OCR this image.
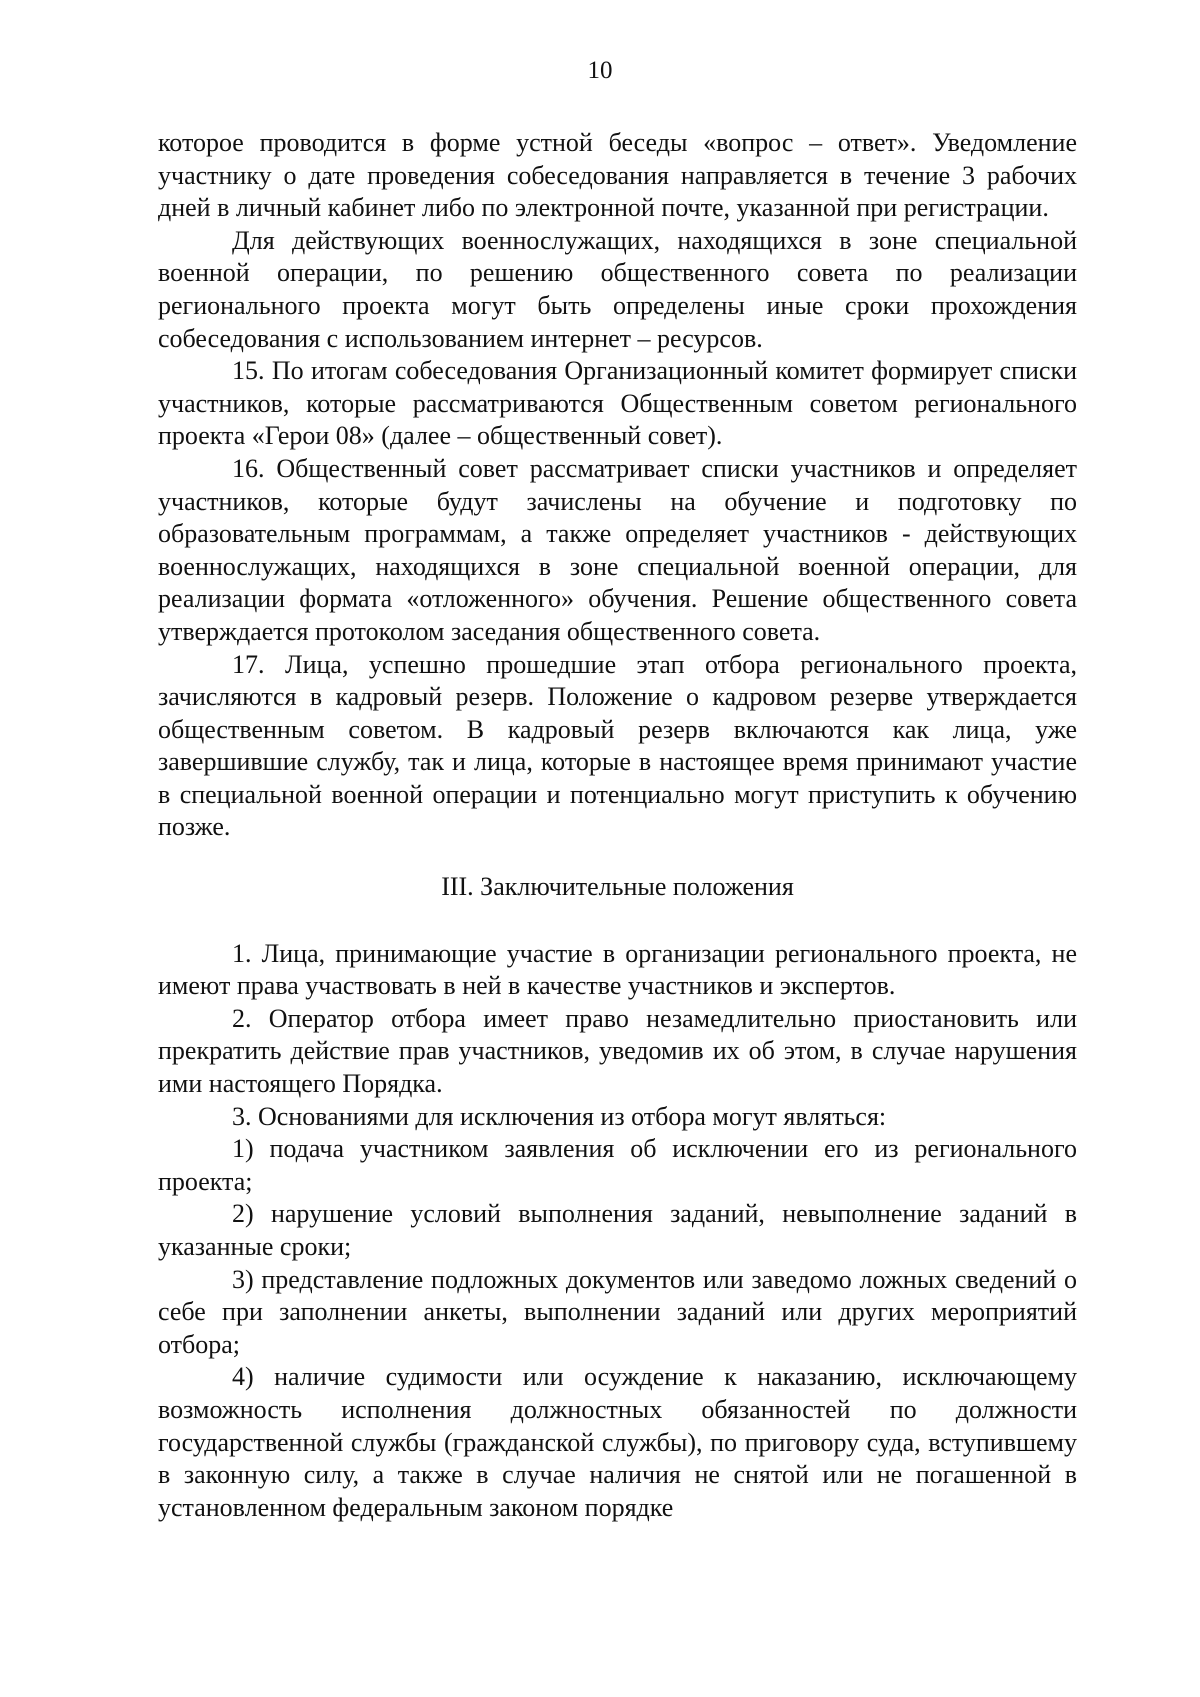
10

которое проводится в форме устной беседы «вопрос – ответ». Уведомление участнику о дате проведения собеседования направляется в течение 3 рабочих дней в личный кабинет либо по электронной почте, указанной при регистрации.

Для действующих военнослужащих, находящихся в зоне специальной военной операции, по решению общественного совета по реализации регионального проекта могут быть определены иные сроки прохождения собеседования с использованием интернет – ресурсов.

15. По итогам собеседования Организационный комитет формирует списки участников, которые рассматриваются Общественным советом регионального проекта «Герои 08» (далее – общественный совет).

16. Общественный совет рассматривает списки участников и определяет участников, которые будут зачислены на обучение и подготовку по образовательным программам, а также определяет участников - действующих военнослужащих, находящихся в зоне специальной военной операции, для реализации формата «отложенного» обучения. Решение общественного совета утверждается протоколом заседания общественного совета.

17. Лица, успешно прошедшие этап отбора регионального проекта, зачисляются в кадровый резерв. Положение о кадровом резерве утверждается общественным советом. В кадровый резерв включаются как лица, уже завершившие службу, так и лица, которые в настоящее время принимают участие в специальной военной операции и потенциально могут приступить к обучению позже.

III. Заключительные положения

1. Лица, принимающие участие в организации регионального проекта, не имеют права участвовать в ней в качестве участников и экспертов.

2. Оператор отбора имеет право незамедлительно приостановить или прекратить действие прав участников, уведомив их об этом, в случае нарушения ими настоящего Порядка.

3. Основаниями для исключения из отбора могут являться:

1) подача участником заявления об исключении его из регионального проекта;

2) нарушение условий выполнения заданий, невыполнение заданий в указанные сроки;

3) представление подложных документов или заведомо ложных сведений о себе при заполнении анкеты, выполнении заданий или других мероприятий отбора;

4) наличие судимости или осуждение к наказанию, исключающему возможность исполнения должностных обязанностей по должности государственной службы (гражданской службы), по приговору суда, вступившему в законную силу, а также в случае наличия не снятой или не погашенной в установленном федеральным законом порядке
